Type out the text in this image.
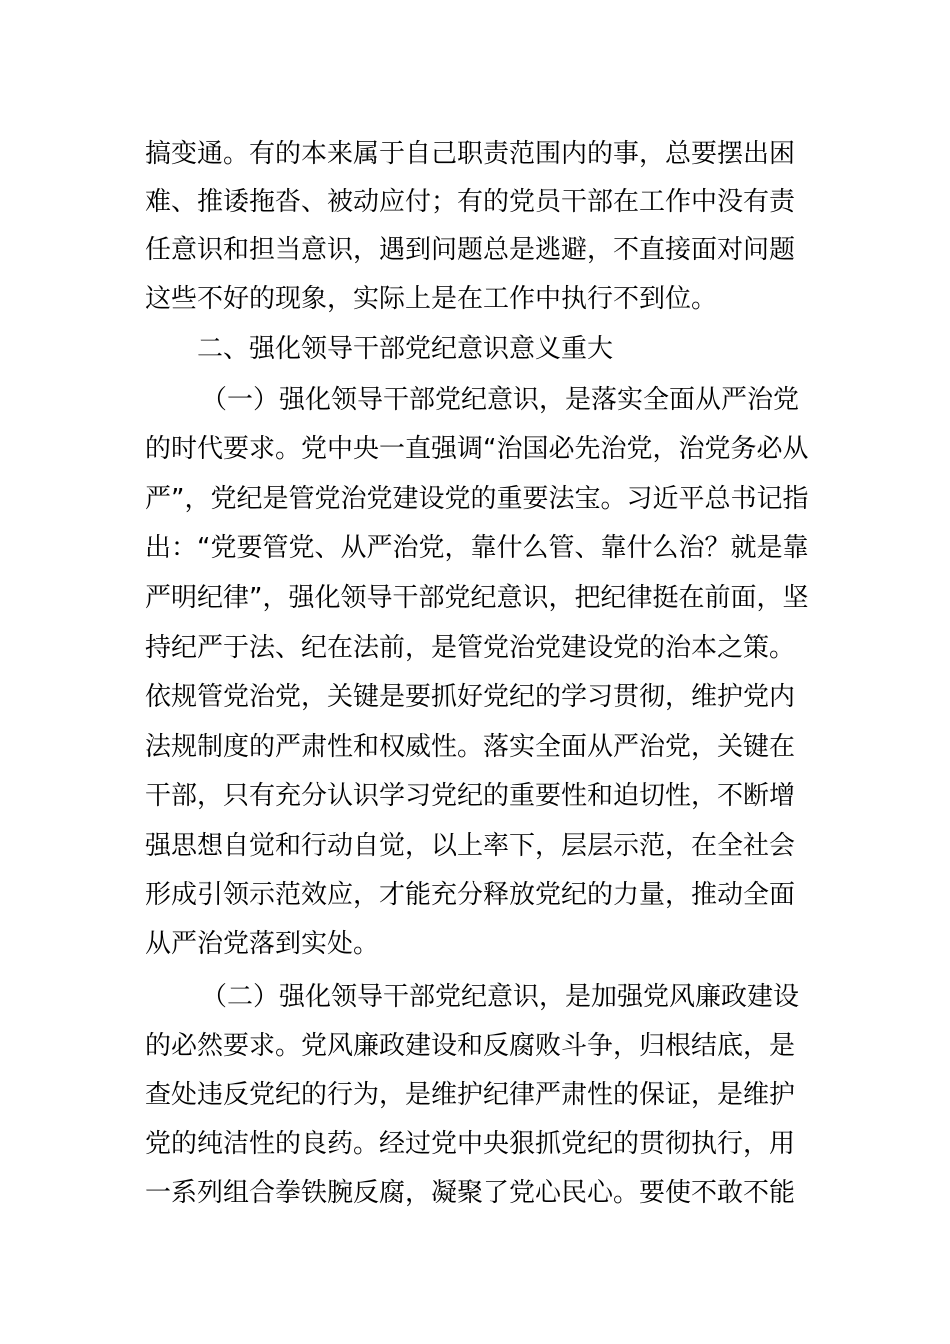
搞变通。有的本来属于自己职责范围内的事，总要摆出困
难、推诿拖沓、被动应付；有的党员干部在工作中没有责
任意识和担当意识，遇到问题总是逃避，不直接面对问题
这些不好的现象，实际上是在工作中执行不到位。
二、强化领导干部党纪意识意义重大
（一）强化领导干部党纪意识，是落实全面从严治党
的时代要求。党中央一直强调“治国必先治党，治党务必从
严”，党纪是管党治党建设党的重要法宝。习近平总书记指
出：“党要管党、从严治党，靠什么管、靠什么治？就是靠
严明纪律”，强化领导干部党纪意识，把纪律挺在前面，坚
持纪严于法、纪在法前，是管党治党建设党的治本之策。
依规管党治党，关键是要抓好党纪的学习贯彻，维护党内
法规制度的严肃性和权威性。落实全面从严治党，关键在
干部，只有充分认识学习党纪的重要性和迫切性，不断增
强思想自觉和行动自觉，以上率下，层层示范，在全社会
形成引领示范效应，才能充分释放党纪的力量，推动全面
从严治党落到实处。
（二）强化领导干部党纪意识，是加强党风廉政建设
的必然要求。党风廉政建设和反腐败斗争，归根结底，是
查处违反党纪的行为，是维护纪律严肃性的保证，是维护
党的纯洁性的良药。经过党中央狠抓党纪的贯彻执行，用
一系列组合拳铁腕反腐，凝聚了党心民心。要使不敢不能
